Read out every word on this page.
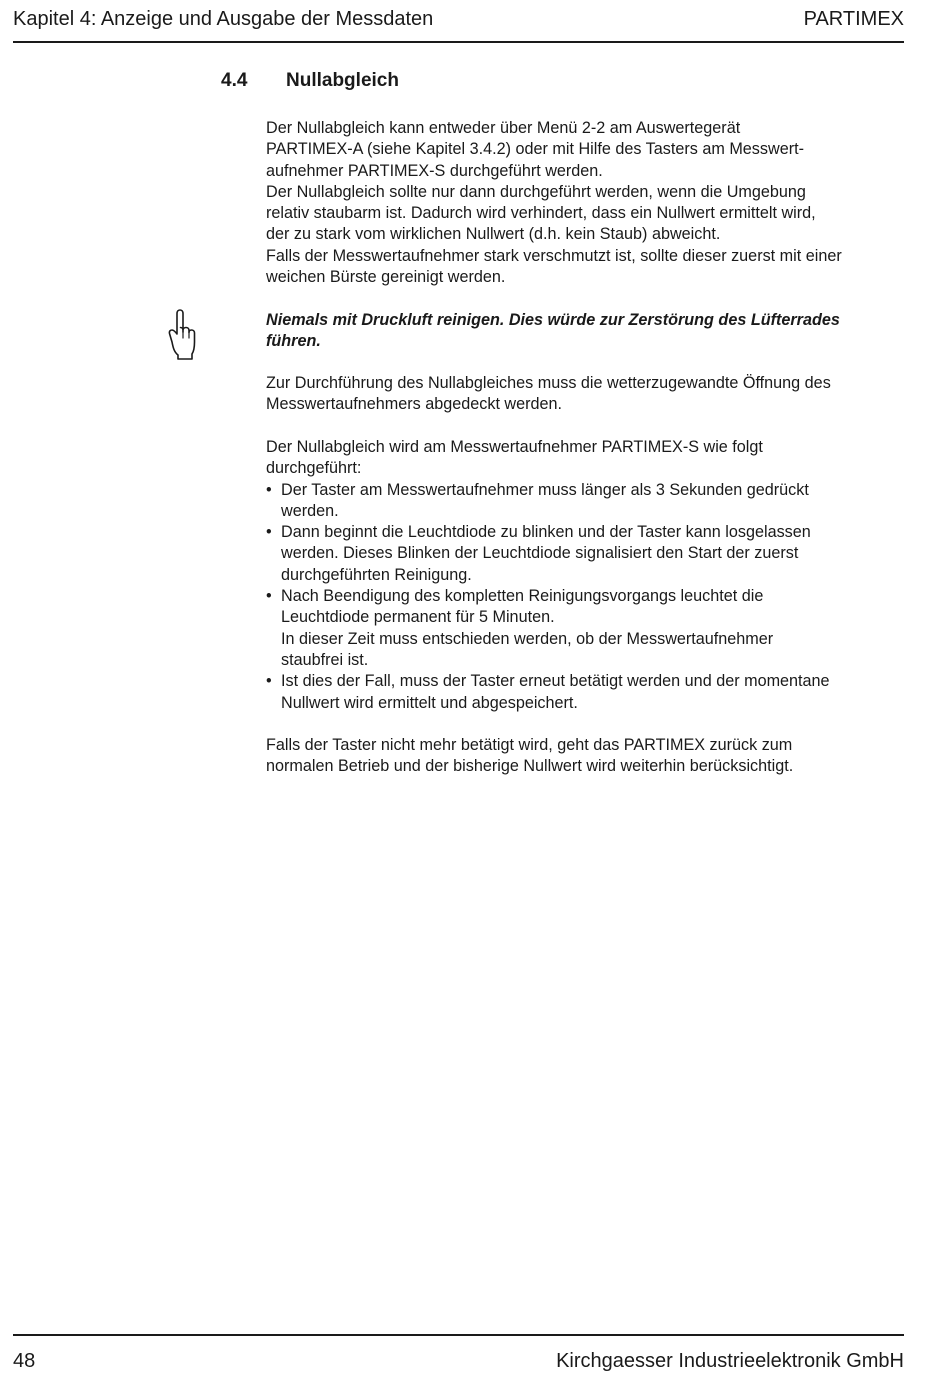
Kapitel 4: Anzeige und Ausgabe der Messdaten	PARTIMEX
4.4 Nullabgleich

Der Nullabgleich kann entweder über Menü 2-2 am Auswertegerät

PARTIMEX-A (siehe Kapitel 3.4.2) oder mit Hilfe des Tasters am Messwert-

aufnehmer PARTIMEX-S durchgeführt werden.

Der Nullabgleich sollte nur dann durchgeführt werden, wenn die Umgebung

relativ staubarm ist. Dadurch wird verhindert, dass ein Nullwert ermittelt wird,

der zu stark vom wirklichen Nullwert (d.h. kein Staub) abweicht.

Falls der Messwertaufnehmer stark verschmutzt ist, sollte dieser zuerst mit einer

weichen Bürste gereinigt werden.

Niemals mit Druckluft reinigen. Dies würde zur Zerstörung des Lüfterrades

führen.

Zur Durchführung des Nullabgleiches muss die wetterzugewandte Öffnung des

Messwertaufnehmers abgedeckt werden.

Der Nullabgleich wird am Messwertaufnehmer PARTIMEX-S wie folgt

durchgeführt:

• Der Taster am Messwertaufnehmer muss länger als 3 Sekunden gedrückt

werden.

• Dann beginnt die Leuchtdiode zu blinken und der Taster kann losgelassen

werden. Dieses Blinken der Leuchtdiode signalisiert den Start der zuerst

durchgeführten Reinigung.

• Nach Beendigung des kompletten Reinigungsvorgangs leuchtet die

Leuchtdiode permanent für 5 Minuten.

In dieser Zeit muss entschieden werden, ob der Messwertaufnehmer

staubfrei ist.

• Ist dies der Fall, muss der Taster erneut betätigt werden und der momentane

Nullwert wird ermittelt und abgespeichert.

Falls der Taster nicht mehr betätigt wird, geht das PARTIMEX zurück zum

normalen Betrieb und der bisherige Nullwert wird weiterhin berücksichtigt.

48	Kirchgaesser Industrieelektronik GmbH
